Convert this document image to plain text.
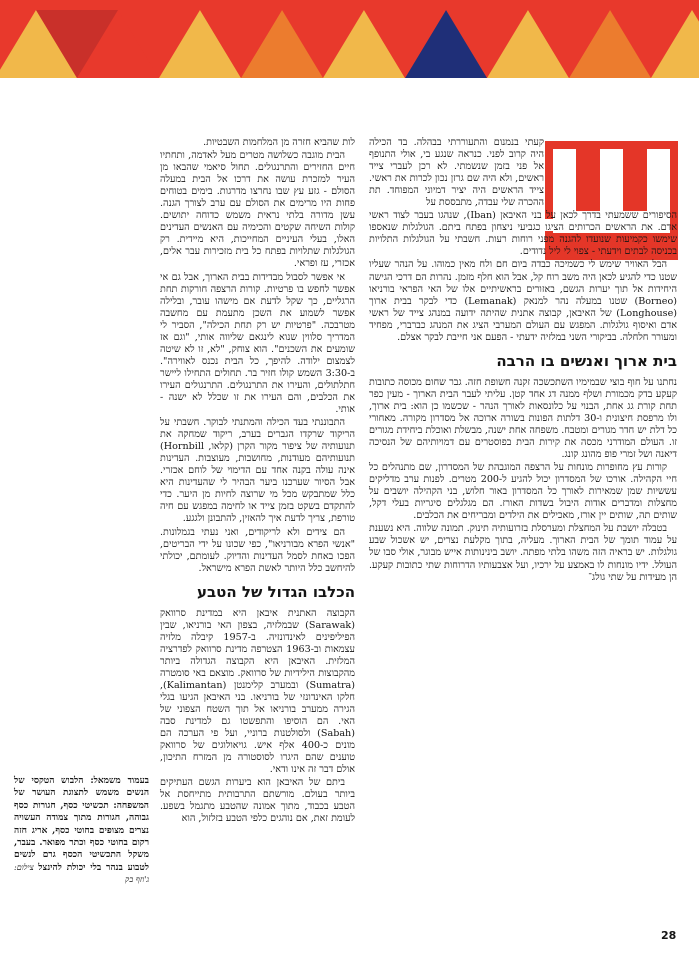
קעתי בנמנום והתעוררתי בבהלה. בד הכילה היה קרוב לפני. כנראה שנגע בי, אולי התנופף אל פני בזמן שנשמתי. לא רכן לעברי צייד ראשים, ולא היה שם גרזן נכון לכרות את ראשי. צייד הראשים היה יציר דמיוני המפוחד. תת ההכרה שלי עבדה, מתבססת על

הסיפורים ששמעתי בדרך לכאן על בני האיבאן (Iban), שנהגו בעבר לצוד ראשי אדם. את הראשים הכרותים הציגו כגביעי ניצחון בפתח ביתם. הגולגלות שנאספו שימשו כקמיעות שנועדו להגנה מפני רוחות רעות. חשבתי על הגולגלות התלויות בכניסה לבתים וידעתי - צפוי לי ליל נדודים.

הבל האוויר שימש לי כשמיכה כבדה ביום חם ולח מאין כמוהו. על הנהר שעליו שטנו כדי להגיע לכאן היה משב רוח קל, אבל הוא חלף מזמן. נהרות הם דרכי הגישה היחידות אל תוך יערות הגשם, באזורים בראשיתיים אלו של האי הפראי בורניאו (Borneo) שטנו במעלה נהר למנאק (Lemanak) כדי לבקר בבית ארוך (Longhouse) של האיבאן, קבוצה אתנית שהיתה ידועה במנהג צייד של ראשי אדם ואיסוף גולגלות. המפגש עם העולם המערבי הציג את המנהג כברברי, מפחיד ומעורר חלחלה. בביקורי השני במלזיה ידעתי - הפעם אני חייבת לבקר אצלם.

בית ארוך ואנשים בו הרבה

נחתנו על חוף בוצי שבמימיו השתכשכה זקנה חשופת חזה. גבר שחום מכוסה כתובות קעקע בדק מכמורת ושלף ממנה דג אחד קטן. עליתי לעבר הבית הארוך - מעין כפר תחת קורת גג אחת, הבנוי על כלונסאות לאורך הנהר - שכשמו כן הוא: בית ארוך, ולו מרפסת חיצונית ו-30 דלתות הפונות בשורה ארוכה אל מסדרון מקורה. מאחורי כל דלת יש חדר מגורים ומטבח. משפחה אחת ישנה, מבשלת ואוכלת ביחידת מגורים זו. העולם המודרני מכסה את קירות הבית בפוסטרים עם דמויותיהם של הנסיכה דיאנה ושל זמרי פופ מהונג קונג.

קורות עץ מחופרות מונחות על הרצפה המוגבהת של המסדרון, שם מתנהלים כל חיי הקהילה. אורכו של המסדרון יכול להגיע ל-200 מטרים. לפנות ערב מדליקים עששיות שמן שמאירות לאורך כל המסדרון באור חלוש, בני הקהילה יושבים על מחצלות ומדברים אודות היבול בשדות האורז. הם מגלגלים סיגריות בעלי דקל, שותים תה, שותים יין אורז, מאכילים את הילדים ומבריחים את הכלבים.

בטבלה יושבת על המחצלת ומערסלת בזרועותיה תינוק. תמונה שלווה. היא נשענת על עמוד תומך של הבית הארוך. מעליה, בתוך מקלעת נצרים, יש אשכול שבע גולגלות. יש בראיה הזה משהו בלתי מפתה. יושב בינינותות אייש מבוגר, אולי סבו של העולל. ידיו מונחות לו באמצע על ירכיו, ועל אצבעותיו הדרוחות שתי כתובות קעקע. הן מעידות על שתי גולג־

לות שהביא חזרה מן המלחמות השבטיות.

הבית מוגבה כשלושה מטרים מעל לאדמה, ותחתיו חיים החזירים והתרנגולים. תחול סיאמי שהבאו מן העיר למזכרת עושה את דרכו אל הבית במעלה הסולם - גזע עץ שבו נחרצו מדרגות. בימים בטוחים פחות היו מרימים את הסולם עם ערב לצורך הגנה. עשן מדורה בלתי נראית משמש כדוחה יתושים. קולות השיחה שקטים והכימיה עם האנשים העדינים האלו, בעלי העיניים המחייכות, היא מיידית. רק הגולגלות שתלויות בפתח כל בית מזכירות עבר אלים, אכזרי, עז ופראי.

אי אפשר לסבול מבדידות בבית הארוך, אבל גם אי אפשר לחפש בו פרטיות. קורות הרצפה חורקות תחת הרגליים, כך שקל לדעת אם מישהו עובר, ובלילה אפשר לשמוע את השכן מתעמת עם מחשבה מטרבכה. "פרטיות יש רק תחת הכילה", הסביר לי המדריך סלווין שנוא לינגאם שליווה אותי, "וגם אז שומעים את השכנים". הוא צוחק, "לא, זו לא שיטה לצמצום ילודה. להיפך, כל הבית נכנס לאווירה". ב-3:30 השמש קולו חזיר בר. תחולים התחילו ליישר חתלתולים, והעירו את התרנגולים. התרנגולים העירו את הכלבים, והם העירו את זו שכלל לא ישנה - אותי.

התבוננתי בעד הכילה והמתנתי לבוקר. חשבתי על הריקוד שרקדו הגברים בערב, ריקוד שמחקה את תנועותיה של ציפור מקור הקרן (קלאו, Hornbill) תנועותיהם מעודנות, מחושבות, מעוצבות. העדינות אינה עולה בקנה אחד עם הדימוי של לוחם אכזרי. אבל הסיור שערכנו ביער הבהיר לי שהעדינות היא כלל שמתבקש מכל מי שרוצה לחיות מן היער. כדי להתקדם בשקט בזמן צייד או לחימה במפגש עם חיה טורפת, צריך לדעת איך להאזין, להתבונן ולגגע.

הם צידים ולא לריקודים, ואני נעתי בגמלונות. "אנשי הפרא מבורניאו", כפי שכונו על ידי הבריטים, הפכו באחת לסמל העדינות והדיוק. לעומתם, יכולתי להיחשב כלל היותר לאשת הפרא מישראל.

הכלבו הגדול של הטבע

הקבוצה האתנית איבאן היא במדינת סרוואק (Sarawak) שבמלזיה, בצפון האי בורניאו, שבין הפיליפינים לאינדונזיה. ב-1957 קיבלה מלזיה עצמאות וב-1963 הצטרפה מדינת סרוואק לפדרציה המלזית. האיבאן היא הקבוצה הגדולה ביותר מהקבוצות הילידיות של סרוואק. מוצאם באי סומטרה (Sumatra) ובמערב קלימנטן (Kalimantan), חלקו האינדונזי של בורניאו. בני האיבאן הגיעו בגלי הגירה ממערב בורניאו אל תוך השטח הצפוני של האי. הם הוסיפו והתפשטו גם למדינת סבה (Sabah) ולסולטנות ברוניי, ועל פי הערכה הם מונים כ-400 אלף איש. גויאולוגים של סרוואק טוענים שהם היגרו לסוסטורה מן המזרח התיכון, אולם דבר זה אינו ודאי.

ביתם של האיבאן הוא ביערות הגשם העתיקים ביותר בעולם. מורשתם התרבותית מתייחסת אל הטבע בכבוד, מתוך אמונה שהטבע מתגמל בשפע. לעומת זאת, אם נוהגים כלפי הטבע בזלזול, הוא

בעמוד משמאל: הלבוש הטקסי של הנשים משמש לתצוגת העושר של המשפחה: תכשיטי כסף, חגורות כסף גבוהה, חגורות מתוך צמודה העשויה נצרים מצופים בחוטי כסף, אריג חזה רקום בחוטי כסף וכתר מפואר. בעבר, משקל התכשיטי הכסף גרם לנשים לטבוע בנהר בלי יכולת להינצל צילום: ג'וזף בק

28
